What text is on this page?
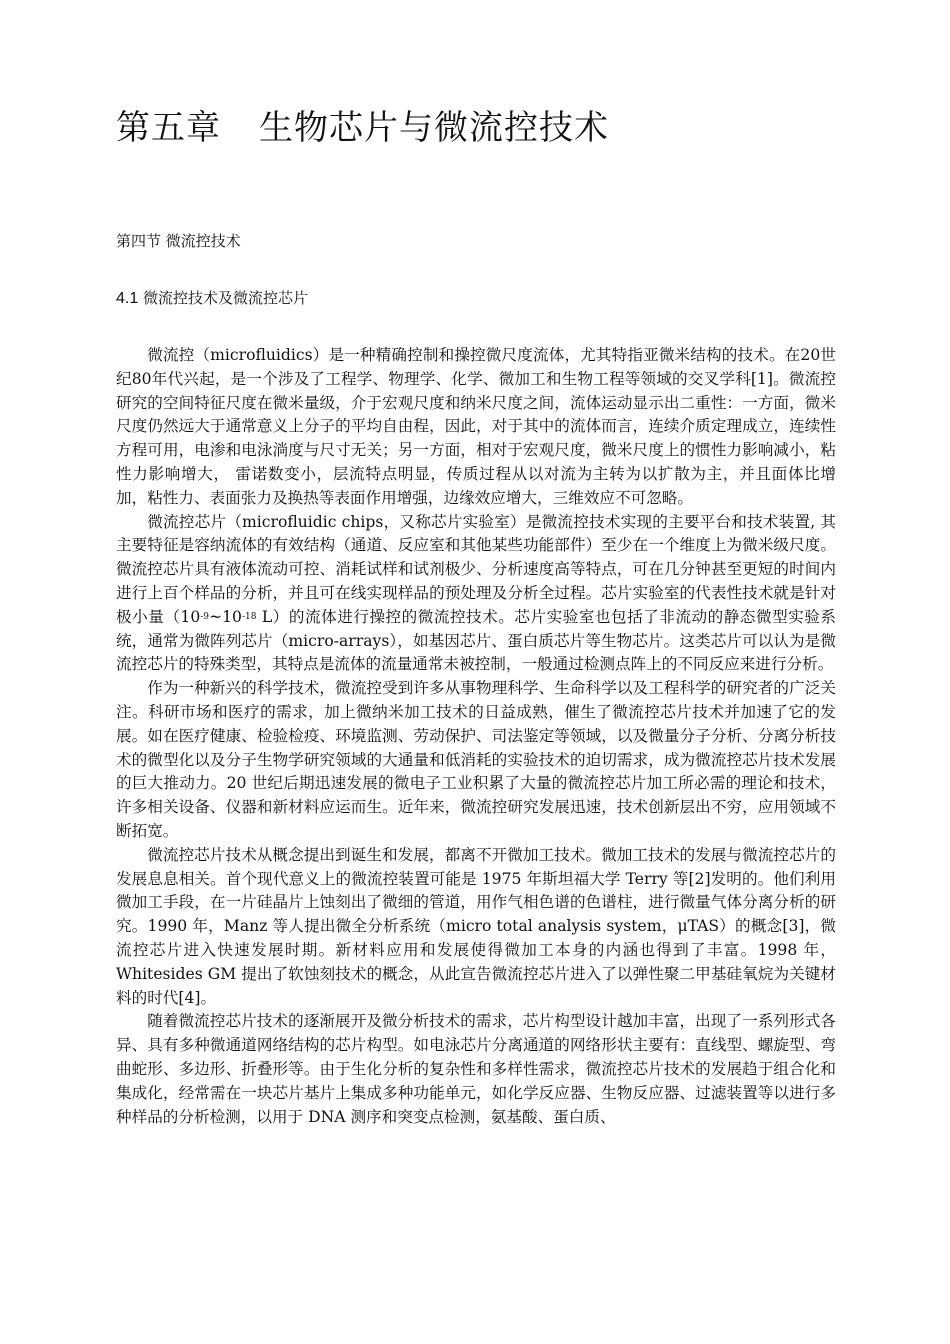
第五章 生物芯片与微流控技术
第四节 微流控技术
4.1 微流控技术及微流控芯片

微流控（microfluidics）是一种精确控制和操控微尺度流体，尤其特指亚微米结构的技术。在20世纪80年代兴起，是一个涉及了工程学、物理学、化学、微加工和生物工程等领域的交叉学科[1]。微流控研究的空间特征尺度在微米量级，介于宏观尺度和纳米尺度之间，流体运动显示出二重性：一方面，微米尺度仍然远大于通常意义上分子的平均自由程，因此，对于其中的流体而言，连续介质定理成立，连续性方程可用，电渗和电泳淌度与尺寸无关；另一方面，相对于宏观尺度，微米尺度上的惯性力影响减小，粘性力影响增大， 雷诺数变小，层流特点明显，传质过程从以对流为主转为以扩散为主，并且面体比增加，粘性力、表面张力及换热等表面作用增强，边缘效应增大，三维效应不可忽略。

微流控芯片（microfluidic chips，又称芯片实验室）是微流控技术实现的主要平台和技术装置, 其主要特征是容纳流体的有效结构（通道、反应室和其他某些功能部件）至少在一个维度上为微米级尺度。微流控芯片具有液体流动可控、消耗试样和试剂极少、分析速度高等特点，可在几分钟甚至更短的时间内进行上百个样品的分析，并且可在线实现样品的预处理及分析全过程。芯片实验室的代表性技术就是针对极小量（$10^{-9}\sim 10^{-18}$ L）的流体进行操控的微流控技术。芯片实验室也包括了非流动的静态微型实验系统，通常为微阵列芯片（micro-arrays），如基因芯片、蛋白质芯片等生物芯片。这类芯片可以认为是微流控芯片的特殊类型，其特点是流体的流量通常未被控制，一般通过检测点阵上的不同反应来进行分析。

作为一种新兴的科学技术，微流控受到许多从事物理科学、生命科学以及工程科学的研究者的广泛关注。科研市场和医疗的需求，加上微纳米加工技术的日益成熟，催生了微流控芯片技术并加速了它的发展。如在医疗健康、检验检疫、环境监测、劳动保护、司法鉴定等领域，以及微量分子分析、分离分析技术的微型化以及分子生物学研究领域的大通量和低消耗的实验技术的迫切需求，成为微流控芯片技术发展的巨大推动力。20 世纪后期迅速发展的微电子工业积累了大量的微流控芯片加工所必需的理论和技术，许多相关设备、仪器和新材料应运而生。近年来，微流控研究发展迅速，技术创新层出不穷，应用领域不断拓宽。

微流控芯片技术从概念提出到诞生和发展，都离不开微加工技术。微加工技术的发展与微流控芯片的发展息息相关。首个现代意义上的微流控装置可能是 1975 年斯坦福大学 Terry 等[2]发明的。他们利用微加工手段，在一片硅晶片上蚀刻出了微细的管道，用作气相色谱的色谱柱，进行微量气体分离分析的研究。1990 年，Manz 等人提出微全分析系统（micro total analysis system，μTAS）的概念[3]，微流控芯片进入快速发展时期。新材料应用和发展使得微加工本身的内涵也得到了丰富。1998 年，Whitesides GM 提出了软蚀刻技术的概念，从此宣告微流控芯片进入了以弹性聚二甲基硅氧烷为关键材料的时代[4]。

随着微流控芯片技术的逐渐展开及微分析技术的需求，芯片构型设计越加丰富，出现了一系列形式各异、具有多种微通道网络结构的芯片构型。如电泳芯片分离通道的网络形状主要有：直线型、螺旋型、弯曲蛇形、多边形、折叠形等。由于生化分析的复杂性和多样性需求，微流控芯片技术的发展趋于组合化和集成化，经常需在一块芯片基片上集成多种功能单元，如化学反应器、生物反应器、过滤装置等以进行多种样品的分析检测，以用于 DNA 测序和突变点检测，氨基酸、蛋白质、
